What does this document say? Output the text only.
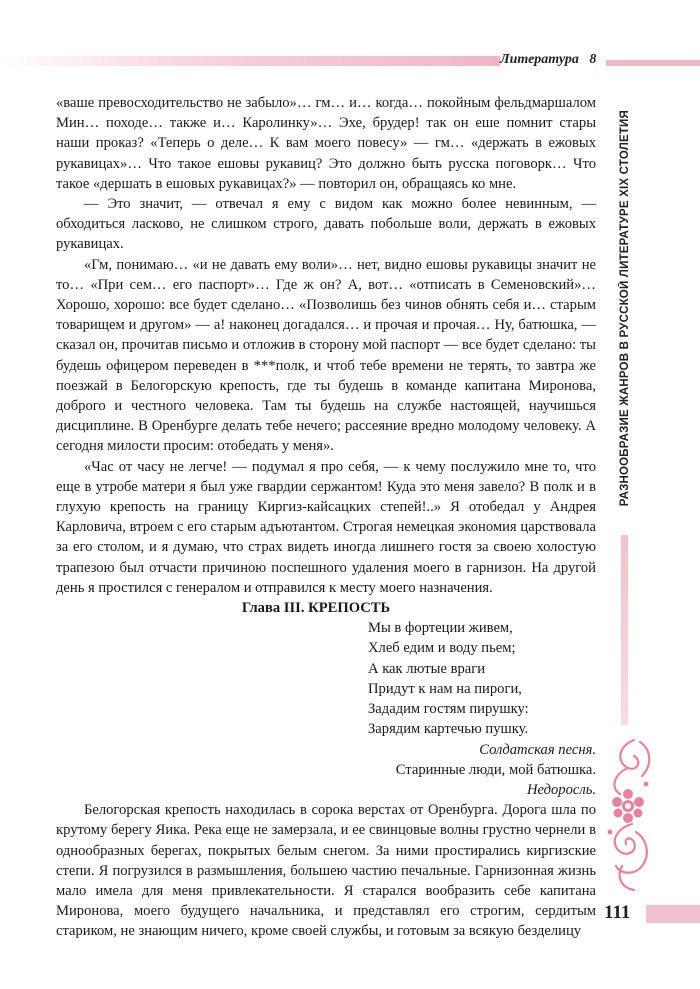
Литература 8

«ваше превосходительство не забыло»… гм… и… когда… покойным фельдмаршалом Мин… походе… также и… Каролинку»… Эхе, брудер! так он еше помнит стары наши проказ? «Теперь о деле… К вам моего повесу» — гм… «держать в ежовых рукавицах»… Что такое ешовы рукавиц? Это должно быть русска поговорк… Что такое «дершать в ешовых рукавицах?» — повторил он, обращаясь ко мне.

— Это значит, — отвечал я ему с видом как можно более невинным, — обходиться ласково, не слишком строго, давать побольше воли, держать в ежовых рукавицах.

«Гм, понимаю… «и не давать ему воли»… нет, видно ешовы рукавицы значит не то… «При сем… его паспорт»… Где ж он? А, вот… «отписать в Семеновский»… Хорошо, хорошо: все будет сделано… «Позволишь без чинов обнять себя и… старым товарищем и другом» — а! наконец догадался… и прочая и прочая… Ну, батюшка, — сказал он, прочитав письмо и отложив в сторону мой паспорт — все будет сделано: ты будешь офицером переведен в ***полк, и чтоб тебе времени не терять, то завтра же поезжай в Белогорскую крепость, где ты будешь в команде капитана Миронова, доброго и честного человека. Там ты будешь на службе настоящей, научишься дисциплине. В Оренбурге делать тебе нечего; рассеяние вредно молодому человеку. А сегодня милости просим: отобедать у меня».

«Час от часу не легче! — подумал я про себя, — к чему послужило мне то, что еще в утробе матери я был уже гвардии сержантом! Куда это меня завело? В полк и в глухую крепость на границу Киргиз-кайсацких степей!..» Я отобедал у Андрея Карловича, втроем с его старым адъютантом. Строгая немецкая экономия царствовала за его столом, и я думаю, что страх видеть иногда лишнего гостя за своею холостую трапезою был отчасти причиною поспешного удаления моего в гарнизон. На другой день я простился с генералом и отправился к месту моего назначения.

Глава III. КРЕПОСТЬ

Мы в фортеции живем,
Хлеб едим и воду пьем;
А как лютые враги
Придут к нам на пироги,
Зададим гостям пирушку:
Зарядим картечью пушку.
Солдатская песня.

Старинные люди, мой батюшка.

Недоросль.

Белогорская крепость находилась в сорока верстах от Оренбурга. Дорога шла по крутому берегу Яика. Река еще не замерзала, и ее свинцовые волны грустно чернели в однообразных берегах, покрытых белым снегом. За ними простирались киргизские степи. Я погрузился в размышления, большею частию печальные. Гарнизонная жизнь мало имела для меня привлекательности. Я старался вообразить себе капитана Миронова, моего будущего начальника, и представлял его строгим, сердитым стариком, не знающим ничего, кроме своей службы, и готовым за всякую безделицу

РАЗНООБРАЗИЕ ЖАНРОВ В РУССКОЙ ЛИТЕРАТУРЕ XIX СТОЛЕТИЯ
111
